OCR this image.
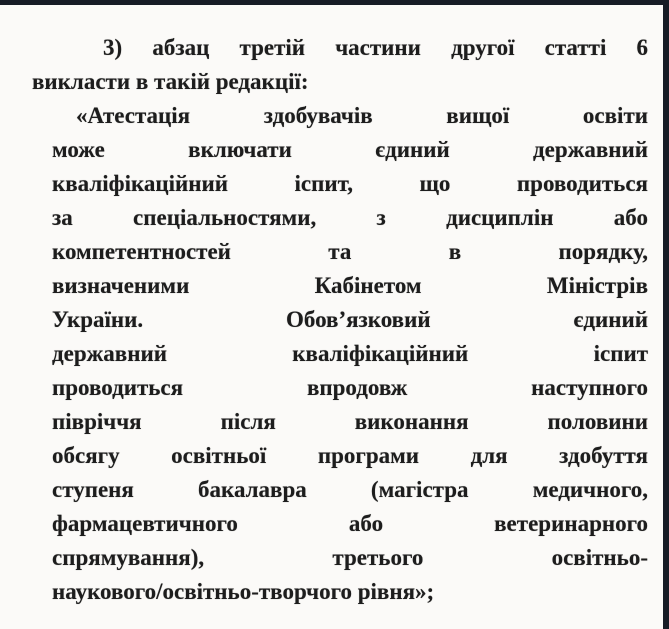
3) абзац третій частини другої статті 6
викласти в такій редакції:
«Атестація здобувачів вищої освіти
може включати єдиний державний
кваліфікаційний іспит, що проводиться
за спеціальностями, з дисциплін або
компетентностей та в порядку,
визначеними Кабінетом Міністрів
України. Обов’язковий єдиний
державний кваліфікаційний іспит
проводиться впродовж наступного
півріччя після виконання половини
обсягу освітньої програми для здобуття
ступеня бакалавра (магістра медичного,
фармацевтичного або ветеринарного
спрямування), третього освітньо-
наукового/освітньо-творчого рівня»;
